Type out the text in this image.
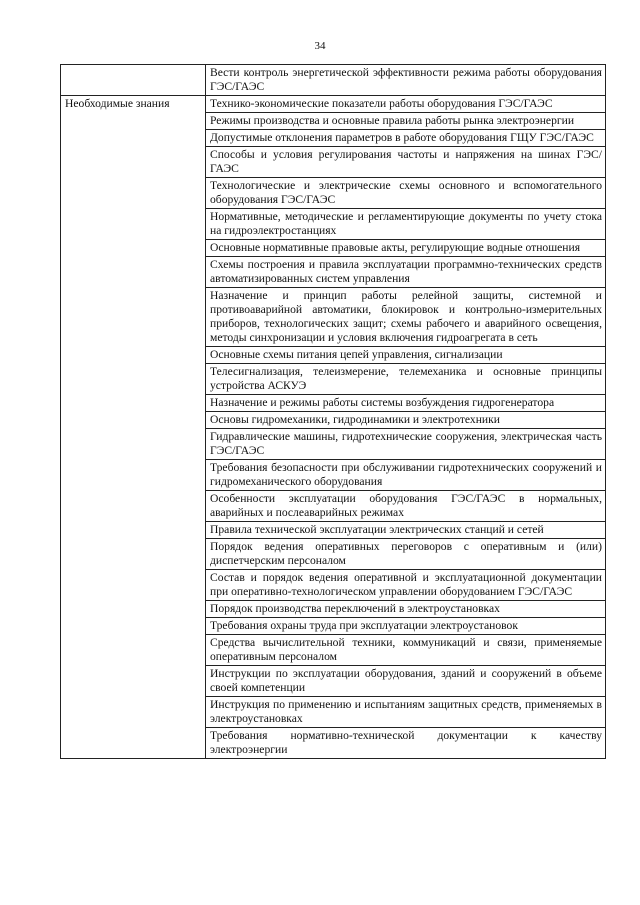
34
	Вести контроль энергетической эффективности режима работы оборудования ГЭС/ГАЭС
Необходимые знания	Технико-экономические показатели работы оборудования ГЭС/ГАЭС
	Режимы производства и основные правила работы рынка электроэнергии
	Допустимые отклонения параметров в работе оборудования ГЩУ ГЭС/ГАЭС
	Способы и условия регулирования частоты и напряжения на шинах ГЭС/ГАЭС
	Технологические и электрические схемы основного и вспомогательного оборудования ГЭС/ГАЭС
	Нормативные, методические и регламентирующие документы по учету стока на гидроэлектростанциях
	Основные нормативные правовые акты, регулирующие водные отношения
	Схемы построения и правила эксплуатации программно-технических средств автоматизированных систем управления
	Назначение и принцип работы релейной защиты, системной и противоаварийной автоматики, блокировок и контрольно-измерительных приборов, технологических защит; схемы рабочего и аварийного освещения, методы синхронизации и условия включения гидроагрегата в сеть
	Основные схемы питания цепей управления, сигнализации
	Телесигнализация, телеизмерение, телемеханика и основные принципы устройства АСКУЭ
	Назначение и режимы работы системы возбуждения гидрогенератора
	Основы гидромеханики, гидродинамики и электротехники
	Гидравлические машины, гидротехнические сооружения, электрическая часть ГЭС/ГАЭС
	Требования безопасности при обслуживании гидротехнических сооружений и гидромеханического оборудования
	Особенности эксплуатации оборудования ГЭС/ГАЭС в нормальных, аварийных и послеаварийных режимах
	Правила технической эксплуатации электрических станций и сетей
	Порядок ведения оперативных переговоров с оперативным и (или) диспетчерским персоналом
	Состав и порядок ведения оперативной и эксплуатационной документации при оперативно-технологическом управлении оборудованием ГЭС/ГАЭС
	Порядок производства переключений в электроустановках
	Требования охраны труда при эксплуатации электроустановок
	Средства вычислительной техники, коммуникаций и связи, применяемые оперативным персоналом
	Инструкции по эксплуатации оборудования, зданий и сооружений в объеме своей компетенции
	Инструкция по применению и испытаниям защитных средств, применяемых в электроустановках
	Требования нормативно-технической документации к качеству электроэнергии
